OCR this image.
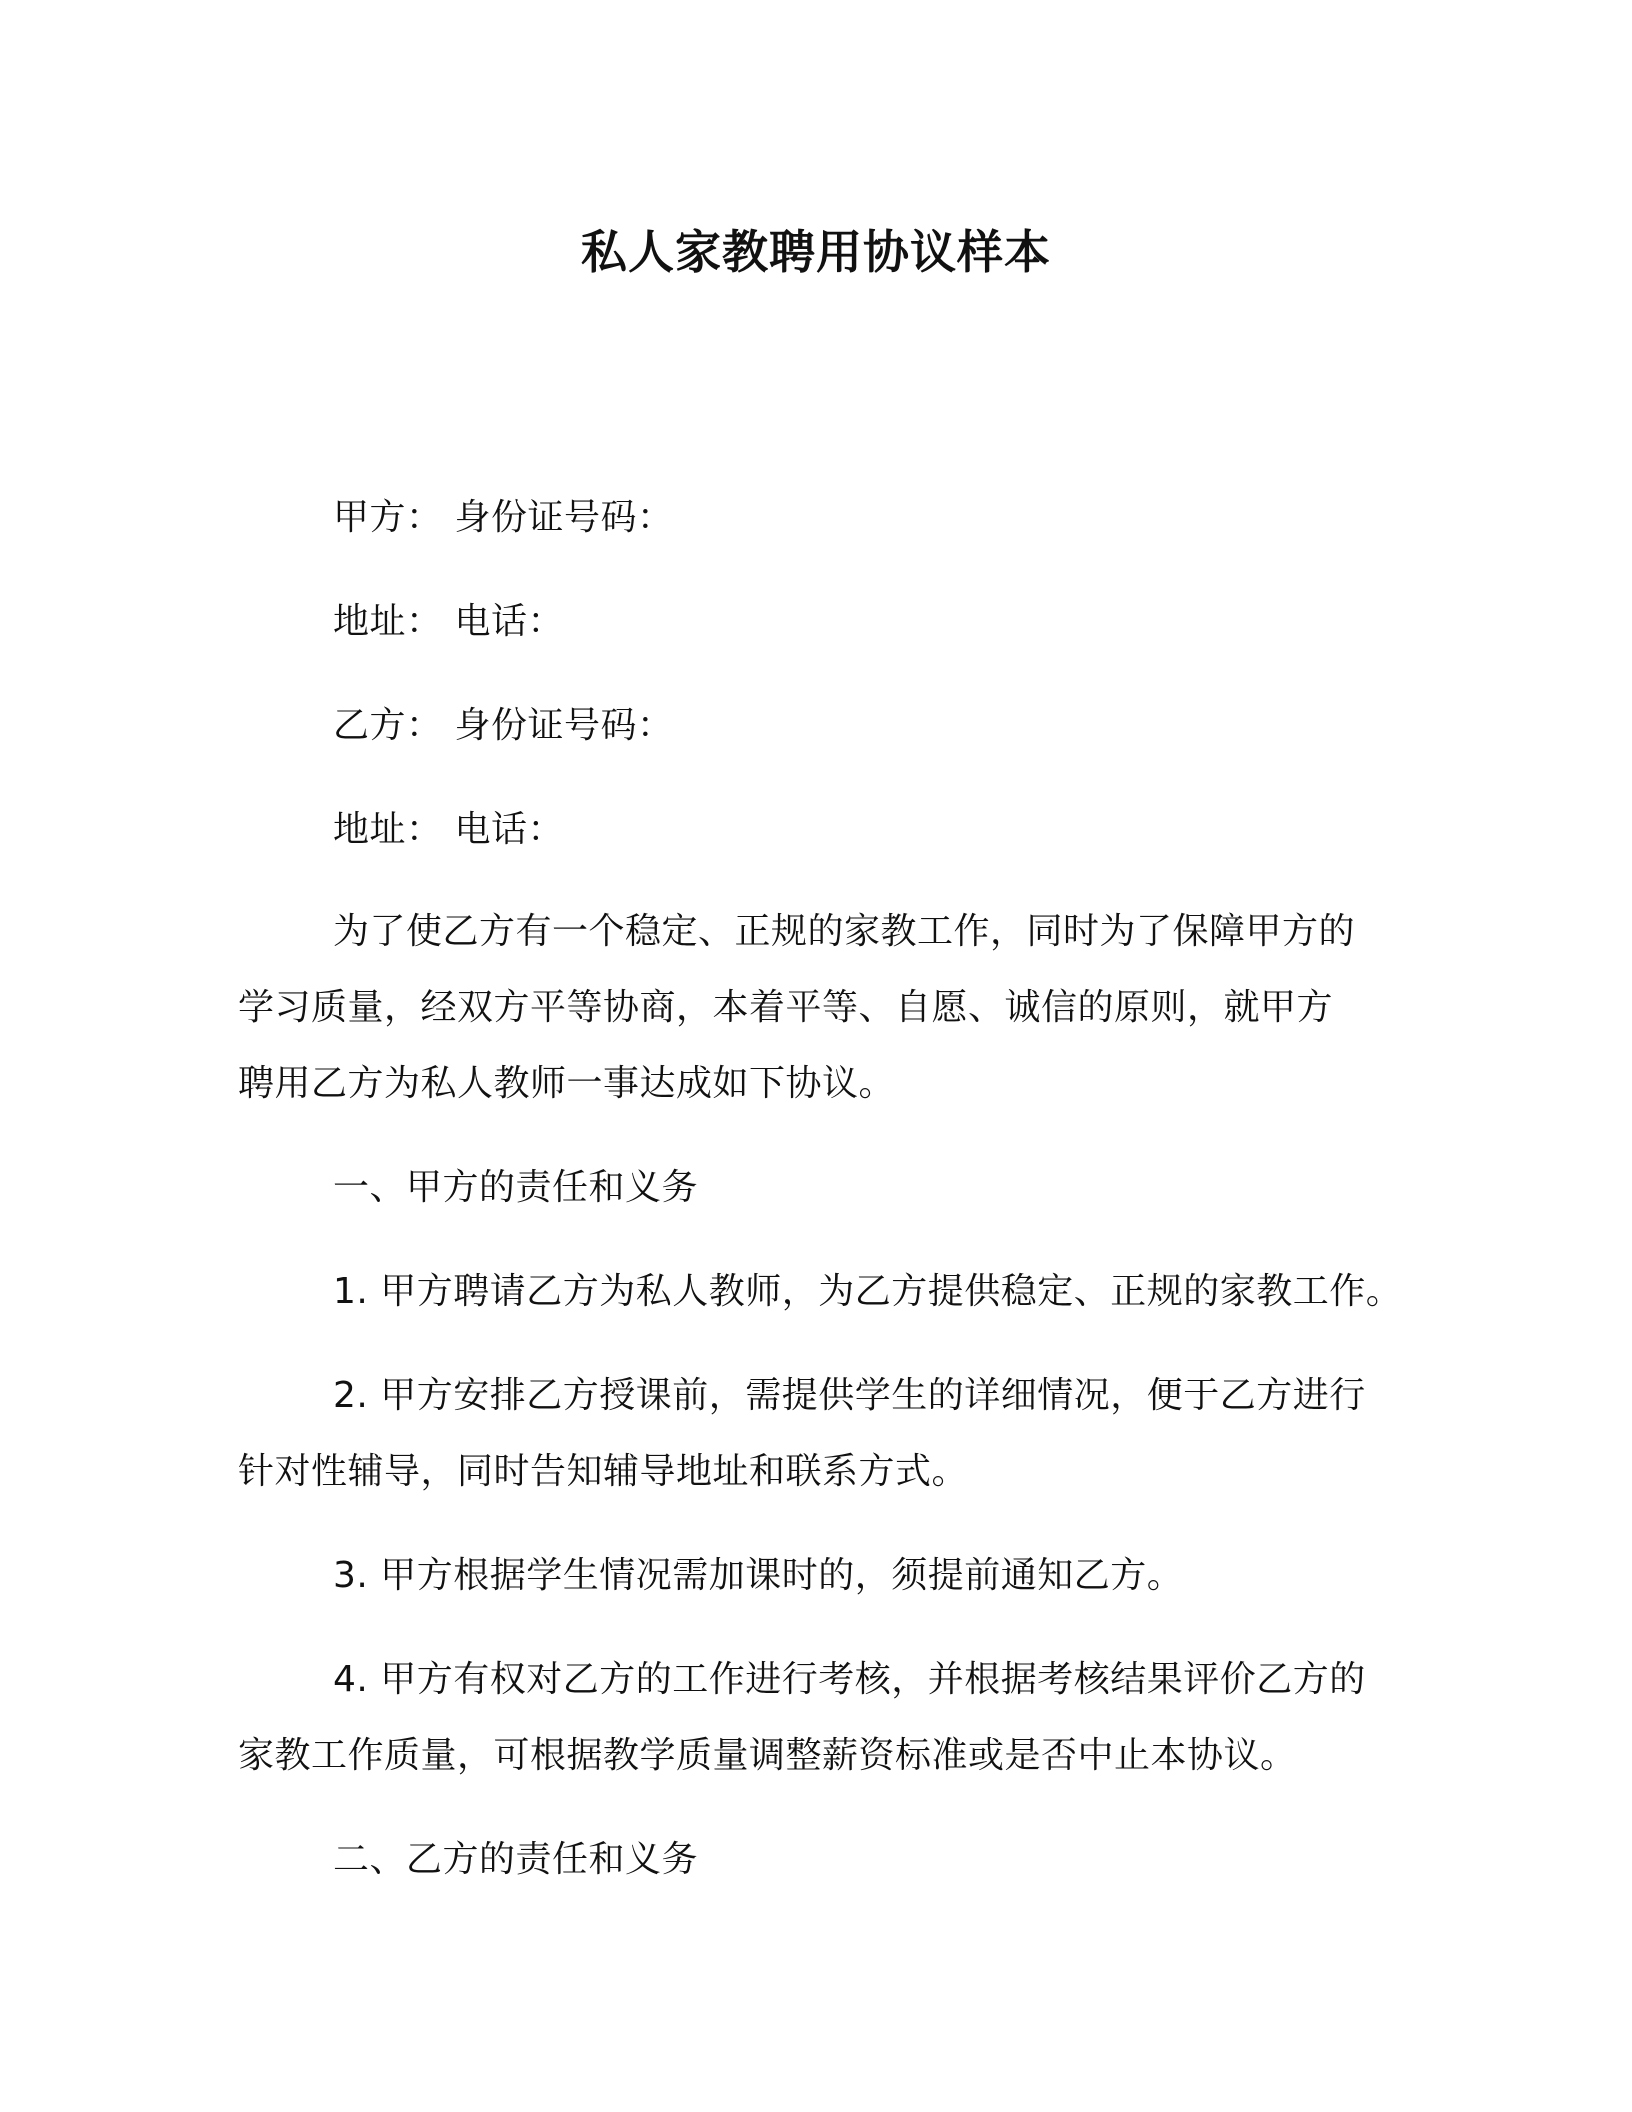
私人家教聘用协议样本
甲方： 身份证号码：
地址： 电话：
乙方： 身份证号码：
地址： 电话：
为了使乙方有一个稳定、正规的家教工作，同时为了保障甲方的
学习质量，经双方平等协商，本着平等、自愿、诚信的原则，就甲方
聘用乙方为私人教师一事达成如下协议。
一、甲方的责任和义务
1. 甲方聘请乙方为私人教师，为乙方提供稳定、正规的家教工作。
2. 甲方安排乙方授课前，需提供学生的详细情况，便于乙方进行
针对性辅导，同时告知辅导地址和联系方式。
3. 甲方根据学生情况需加课时的，须提前通知乙方。
4. 甲方有权对乙方的工作进行考核，并根据考核结果评价乙方的
家教工作质量，可根据教学质量调整薪资标准或是否中止本协议。
二、乙方的责任和义务
